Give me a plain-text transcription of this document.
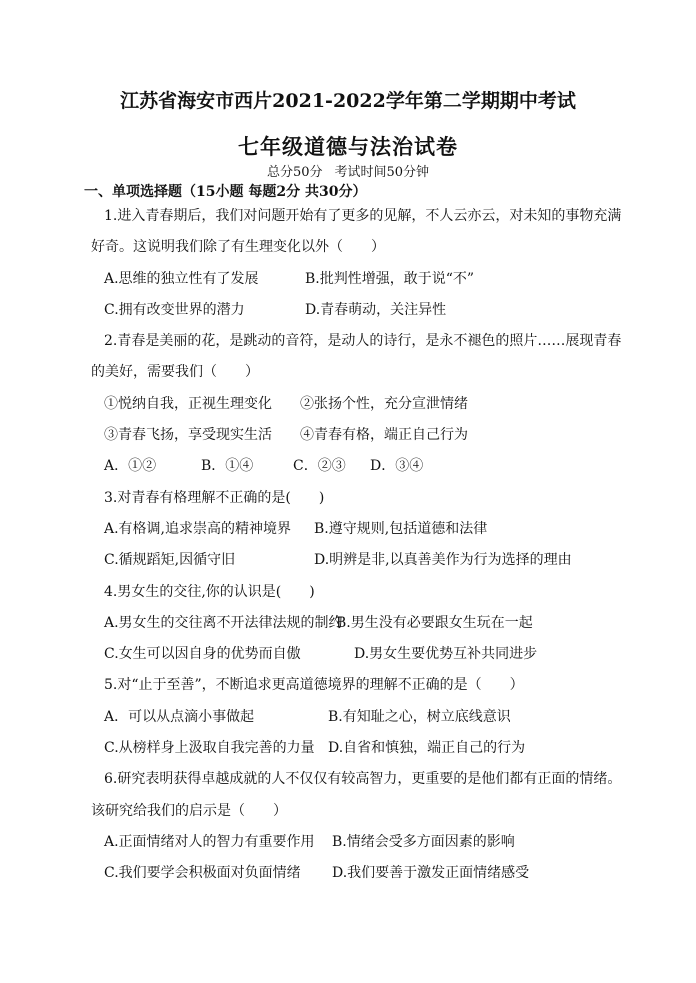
江苏省海安市西片2021-2022学年第二学期期中考试
七年级道德与法治试卷
总分50分 考试时间50分钟
一、单项选择题（15小题 每题2分 共30分）
1.进入青春期后，我们对问题开始有了更多的见解，不人云亦云，对未知的事物充满
好奇。这说明我们除了有生理变化以外（　　）
A.思维的独立性有了发展	B.批判性增强，敢于说“不”
C.拥有改变世界的潜力	D.青春萌动，关注异性
2.青春是美丽的花，是跳动的音符，是动人的诗行，是永不褪色的照片……展现青春
的美好，需要我们（　　）
①悦纳自我，正视生理变化	②张扬个性，充分宣泄情绪
③青春飞扬，享受现实生活	④青春有格，端正自己行为
A．①②	B．①④	C．②③	D．③④
3.对青春有格理解不正确的是(　　)
A.有格调,追求崇高的精神境界	B.遵守规则,包括道德和法律
C.循规蹈矩,因循守旧	D.明辨是非,以真善美作为行为选择的理由
4.男女生的交往,你的认识是(　　)
A.男女生的交往离不开法律法规的制约
B.男生没有必要跟女生玩在一起
C.女生可以因自身的优势而自傲	D.男女生要优势互补共同进步
5.对“止于至善”，不断追求更高道德境界的理解不正确的是（　　）
A．可以从点滴小事做起	B.有知耻之心，树立底线意识
C.从榜样身上汲取自我完善的力量 D.自省和慎独，端正自己的行为
6.研究表明获得卓越成就的人不仅仅有较高智力，更重要的是他们都有正面的情绪。
该研究给我们的启示是（　　）
A.正面情绪对人的智力有重要作用	B.情绪会受多方面因素的影响
C.我们要学会积极面对负面情绪	D.我们要善于激发正面情绪感受
